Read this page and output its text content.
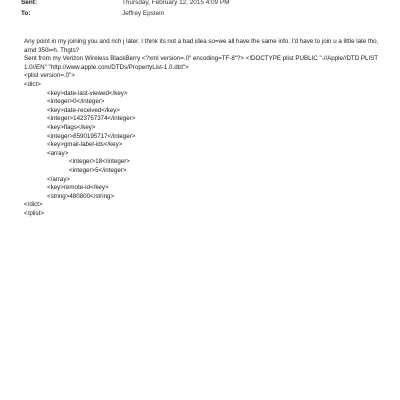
Sent:	Thursday, February 12, 2015 4:09 PM
To:	Jeffrey Epstein

Any point in my joining you and rich j later. I think its not a bad idea so=we all have the same info. I'd have to join u a little late tho, arnd 350i=h. Thgts?

Sent from my Verizon Wireless BlackBerry <?xml version=.0" encoding=TF-8"?> <!DOCTYPE plist PUBLIC "-//Apple//DTD PLIST 1.0//EN" "http://www.apple.com/DTDs/PropertyList-1.0.dtd">

<plist version=.0">
<dict>
<key>date-last-viewed</key>
<integer>0</integer>
<key>date-received</key>
<integer>1423757374</integer>
<key>flags</key>
<integer>8590195717</integer>
<key>gmail-label-ids</key>
<array>
<integer>18</integer>
<integer>5</integer>
</array>
<key>remote-id</key>
<string>480800</string>
</dict>
</plist>
